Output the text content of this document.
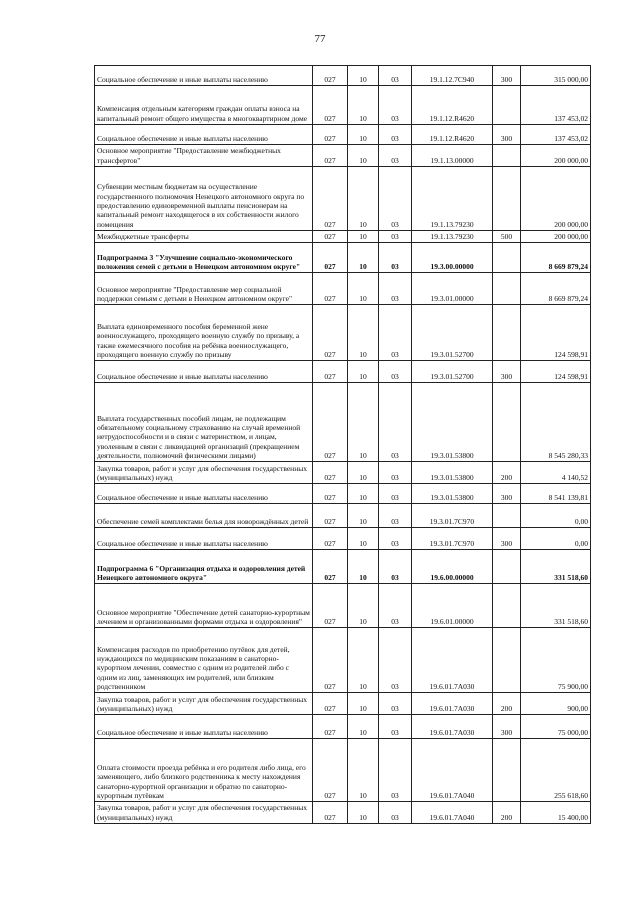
77
Социальное обеспечение и иные выплаты населению	027	10	03	19.1.12.7С940	300	315 000,00
Компенсация отдельным категориям граждан оплаты взноса на капитальный ремонт общего имущества в многоквартирном доме	027	10	03	19.1.12.R4620		137 453,02
Социальное обеспечение и иные выплаты населению	027	10	03	19.1.12.R4620	300	137 453,02
Основное мероприятие "Предоставление межбюджетных трансфертов"	027	10	03	19.1.13.00000		200 000,00
Субвенции местным бюджетам на осуществление государственного полномочия Ненецкого автономного округа по предоставлению единовременной выплаты пенсионерам на капитальный ремонт находящегося в их собственности жилого помещения	027	10	03	19.1.13.79230		200 000,00
Межбюджетные трансферты	027	10	03	19.1.13.79230	500	200 000,00
Подпрограмма 3 "Улучшение социально-экономического положения семей с детьми в Ненецком автономном округе"	027	10	03	19.3.00.00000		8 669 879,24
Основное мероприятие "Предоставление мер социальной поддержки семьям с детьми в Ненецком автономном округе"	027	10	03	19.3.01.00000		8 669 879,24
Выплата единовременного пособия беременной жене военнослужащего, проходящего военную службу по призыву, а также ежемесячного пособия на ребёнка военнослужащего, проходящего военную службу по призыву	027	10	03	19.3.01.52700		124 598,91
Социальное обеспечение и иные выплаты населению	027	10	03	19.3.01.52700	300	124 598,91
Выплата государственных пособий лицам, не подлежащим обязательному социальному страхованию на случай временной нетрудоспособности и в связи с материнством, и лицам, уволенным в связи с ликвидацией организаций (прекращением деятельности, полномочий физическими лицами)	027	10	03	19.3.01.53800		8 545 280,33
Закупка товаров, работ и услуг для обеспечения государственных (муниципальных) нужд	027	10	03	19.3.01.53800	200	4 140,52
Социальное обеспечение и иные выплаты населению	027	10	03	19.3.01.53800	300	8 541 139,81
Обеспечение семей комплектами белья для новорождённых детей	027	10	03	19.3.01.7С970		0,00
Социальное обеспечение и иные выплаты населению	027	10	03	19.3.01.7С970	300	0,00
Подпрограмма 6 "Организация отдыха и оздоровления детей Ненецкого автономного округа"	027	10	03	19.6.00.00000		331 518,60
Основное мероприятие "Обеспечение детей санаторно-курортным лечением и организованными формами отдыха и оздоровления"	027	10	03	19.6.01.00000		331 518,60
Компенсация расходов по приобретению путёвок для детей, нуждающихся по медицинским показаниям в санаторно-курортном лечении, совместно с одним из родителей либо с одним из лиц, заменяющих им родителей, или близким родственником	027	10	03	19.6.01.7А030		75 900,00
Закупка товаров, работ и услуг для обеспечения государственных (муниципальных) нужд	027	10	03	19.6.01.7А030	200	900,00
Социальное обеспечение и иные выплаты населению	027	10	03	19.6.01.7А030	300	75 000,00
Оплата стоимости проезда ребёнка и его родителя либо лица, его заменяющего, либо близкого родственника к месту нахождения санаторно-курортной организации и обратно по санаторно-курортным путёвкам	027	10	03	19.6.01.7А040		255 618,60
Закупка товаров, работ и услуг для обеспечения государственных (муниципальных) нужд	027	10	03	19.6.01.7А040	200	15 400,00
